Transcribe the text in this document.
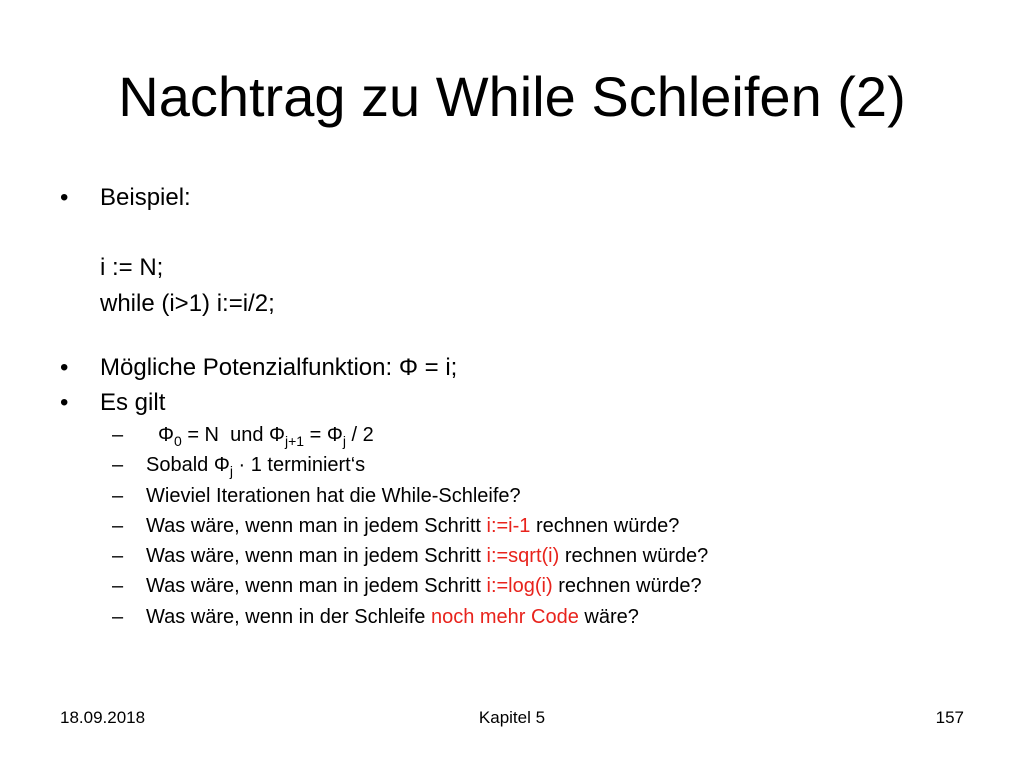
Nachtrag zu While Schleifen (2)
•	Beispiel:
i := N;
while (i>1) i:=i/2;
•	Mögliche Potenzialfunktion: Φ = i;
•	Es gilt
– $\Phi_0 = N$  und $\Phi_{j+1} = \Phi_j / 2$
– Sobald $\Phi_j \cdot 1$ terminiert‘s
– Wieviel Iterationen hat die While-Schleife?
– Was wäre, wenn man in jedem Schritt i:=i-1 rechnen würde?
– Was wäre, wenn man in jedem Schritt i:=sqrt(i) rechnen würde?
– Was wäre, wenn man in jedem Schritt i:=log(i) rechnen würde?
– Was wäre, wenn in der Schleife noch mehr Code wäre?
18.09.2018	Kapitel 5	157
